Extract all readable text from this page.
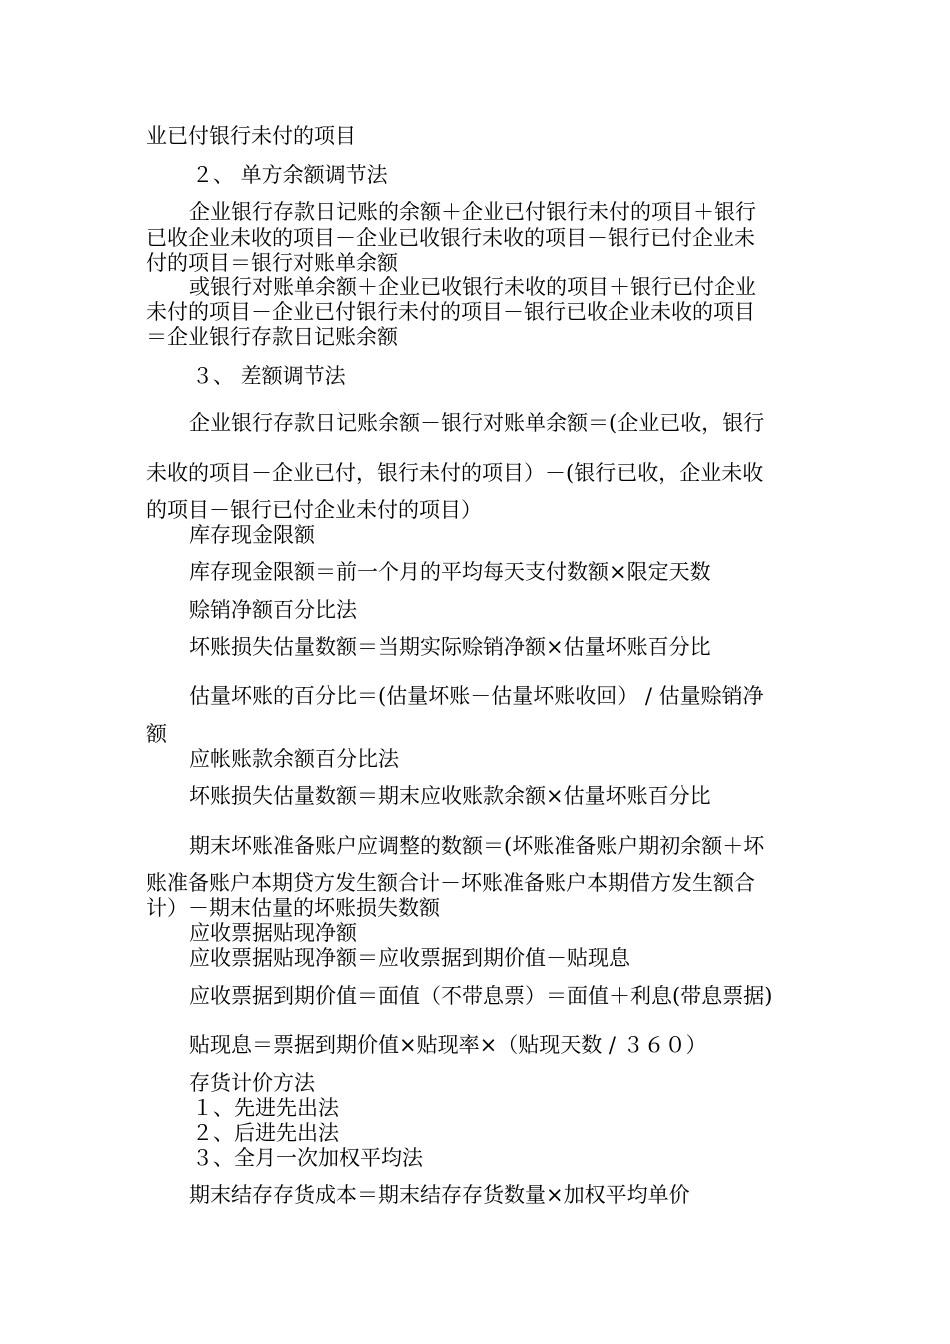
业已付银行未付的项目

２、 单方余额调节法

企业银行存款日记账的余额＋企业已付银行未付的项目＋银行

已收企业未收的项目－企业已收银行未收的项目－银行已付企业未

付的项目＝银行对账单余额

或银行对账单余额＋企业已收银行未收的项目＋银行已付企业

未付的项目－企业已付银行未付的项目－银行已收企业未收的项目

＝企业银行存款日记账余额

３、 差额调节法

企业银行存款日记账余额－银行对账单余额＝(企业已收，银行

未收的项目－企业已付，银行未付的项目）－(银行已收，企业未收

的项目－银行已付企业未付的项目）

库存现金限额

库存现金限额＝前一个月的平均每天支付数额×限定天数

赊销净额百分比法

坏账损失估量数额＝当期实际赊销净额×估量坏账百分比

估量坏账的百分比＝(估量坏账－估量坏账收回） / 估量赊销净

额

应帐账款余额百分比法

坏账损失估量数额＝期末应收账款余额×估量坏账百分比

期末坏账准备账户应调整的数额＝(坏账准备账户期初余额＋坏

账准备账户本期贷方发生额合计－坏账准备账户本期借方发生额合

计）－期末估量的坏账损失数额

应收票据贴现净额

应收票据贴现净额＝应收票据到期价值－贴现息

应收票据到期价值＝面值（不带息票）＝面值＋利息(带息票据)

贴现息＝票据到期价值×贴现率×（贴现天数 / ３６０）

存货计价方法

１、先进先出法

２、后进先出法

３、全月一次加权平均法

期末结存存货成本＝期末结存存货数量×加权平均单价
